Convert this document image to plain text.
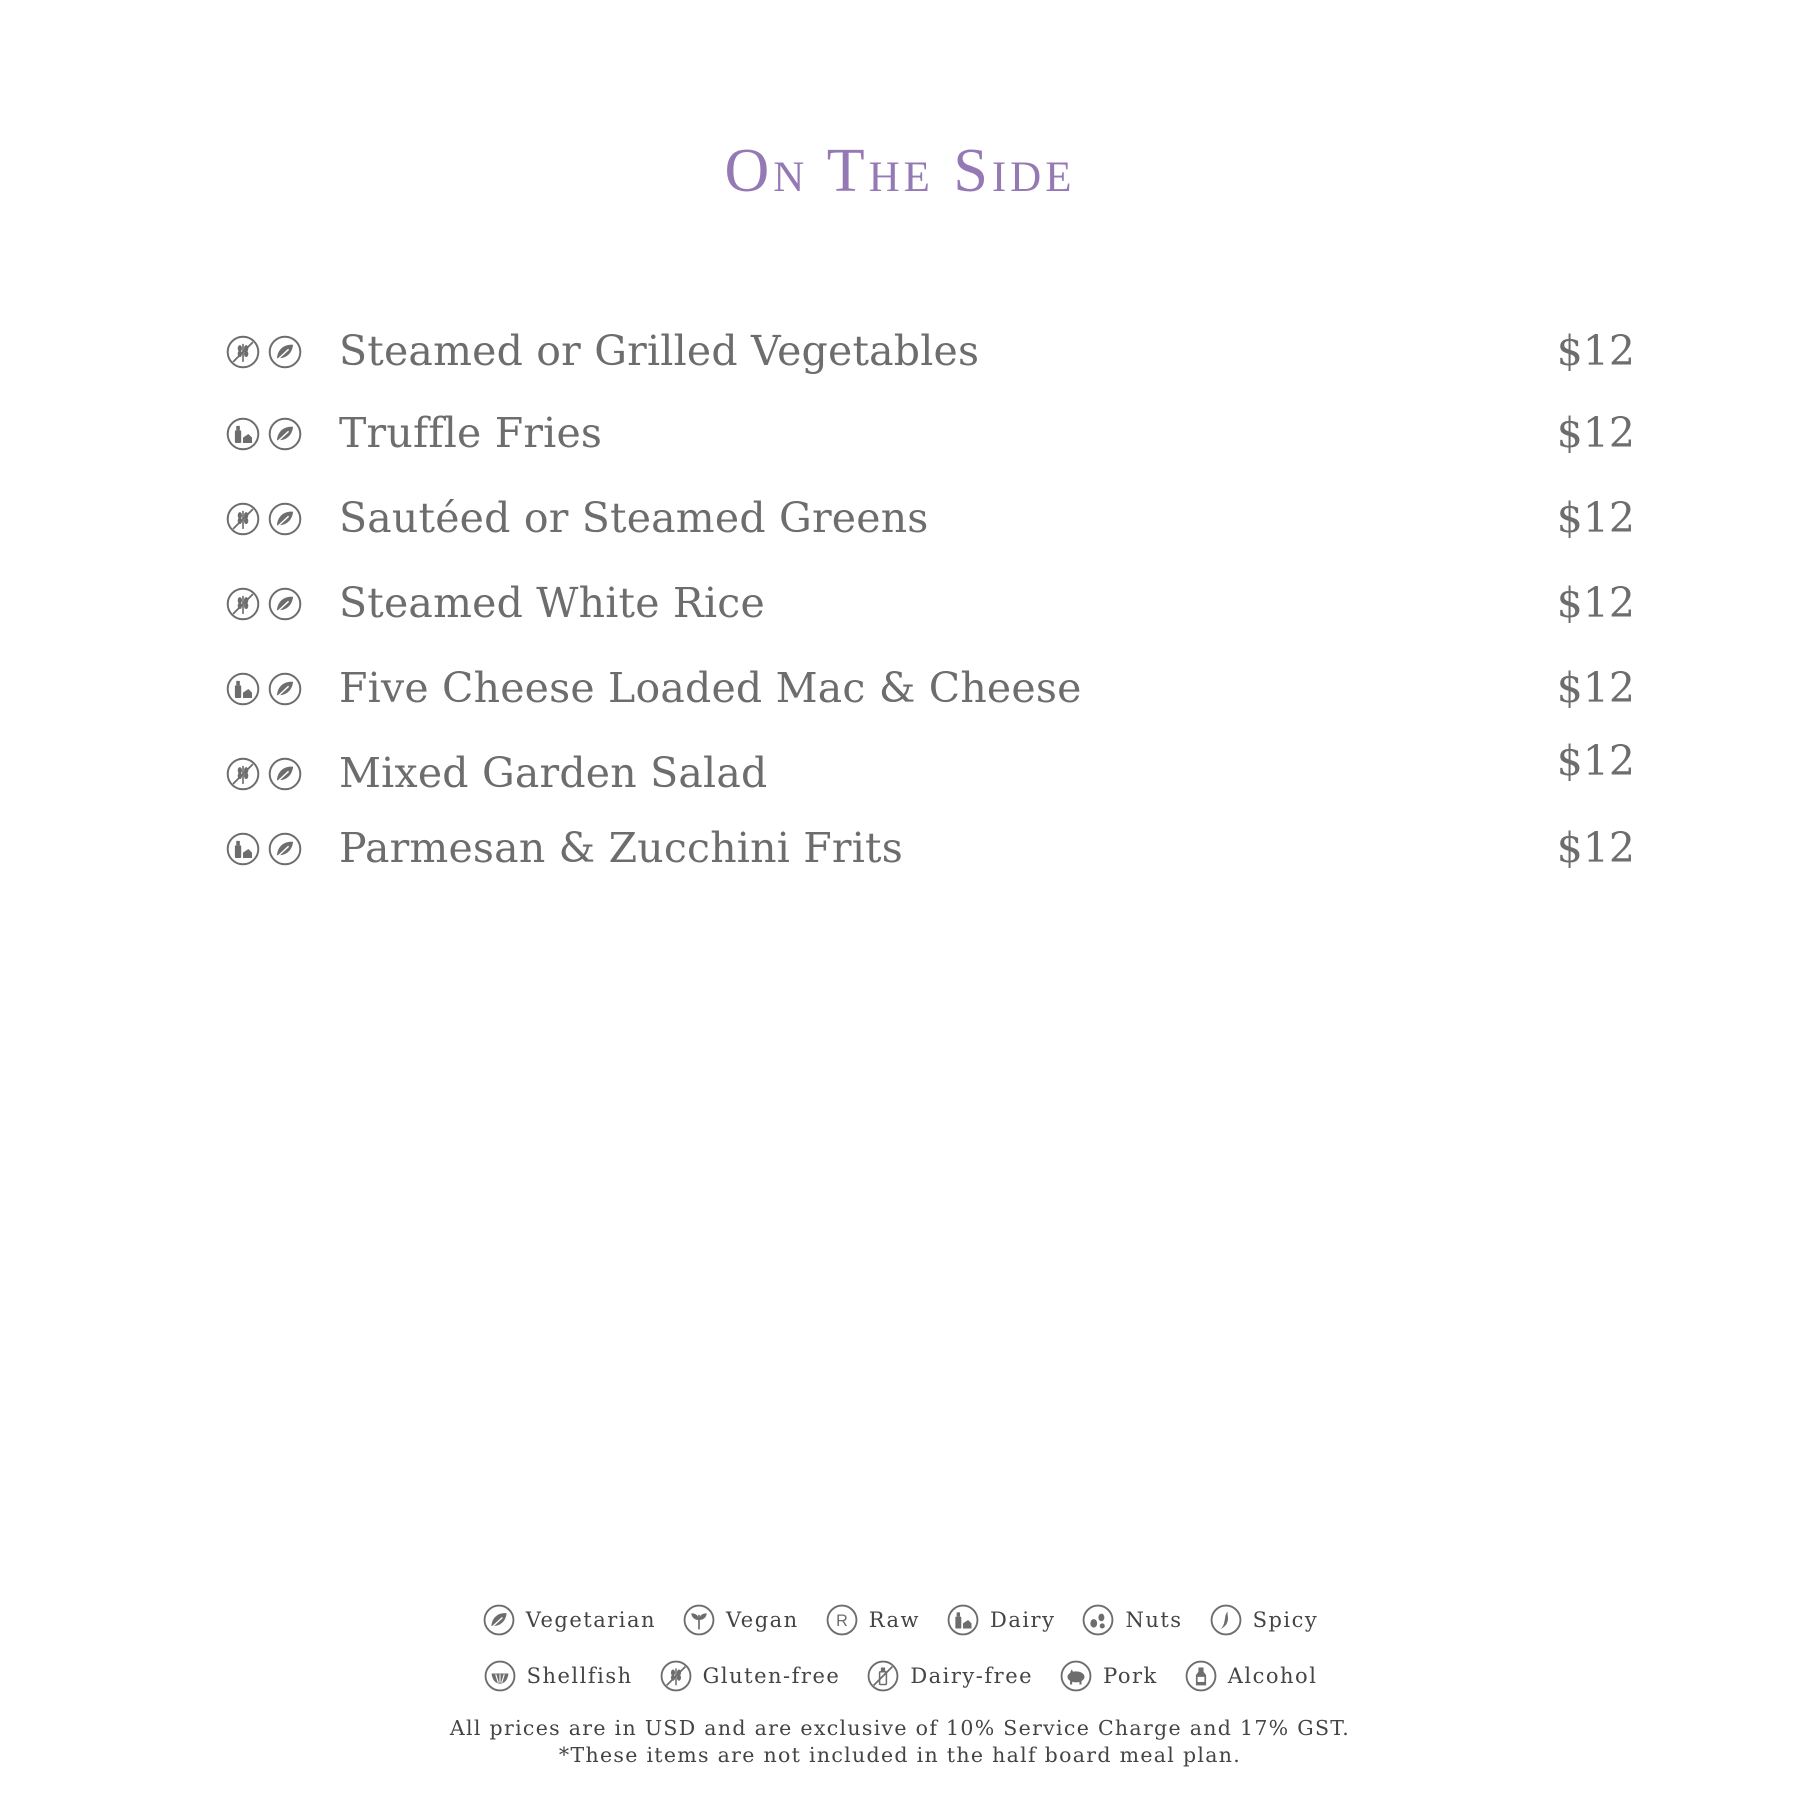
On The Side
Steamed or Grilled Vegetables	$12
Truffle Fries	$12
Sautéed or Steamed Greens	$12
Steamed White Rice	$12
Five Cheese Loaded Mac & Cheese	$12
Mixed Garden Salad	$12
Parmesan & Zucchini Frits	$12
Vegetarian	Vegan R Raw	Dairy	Nuts	Spicy
Shellfish	Gluten-free	Dairy-free	Pork	Alcohol
All prices are in USD and are exclusive of 10% Service Charge and 17% GST.
*These items are not included in the half board meal plan.
